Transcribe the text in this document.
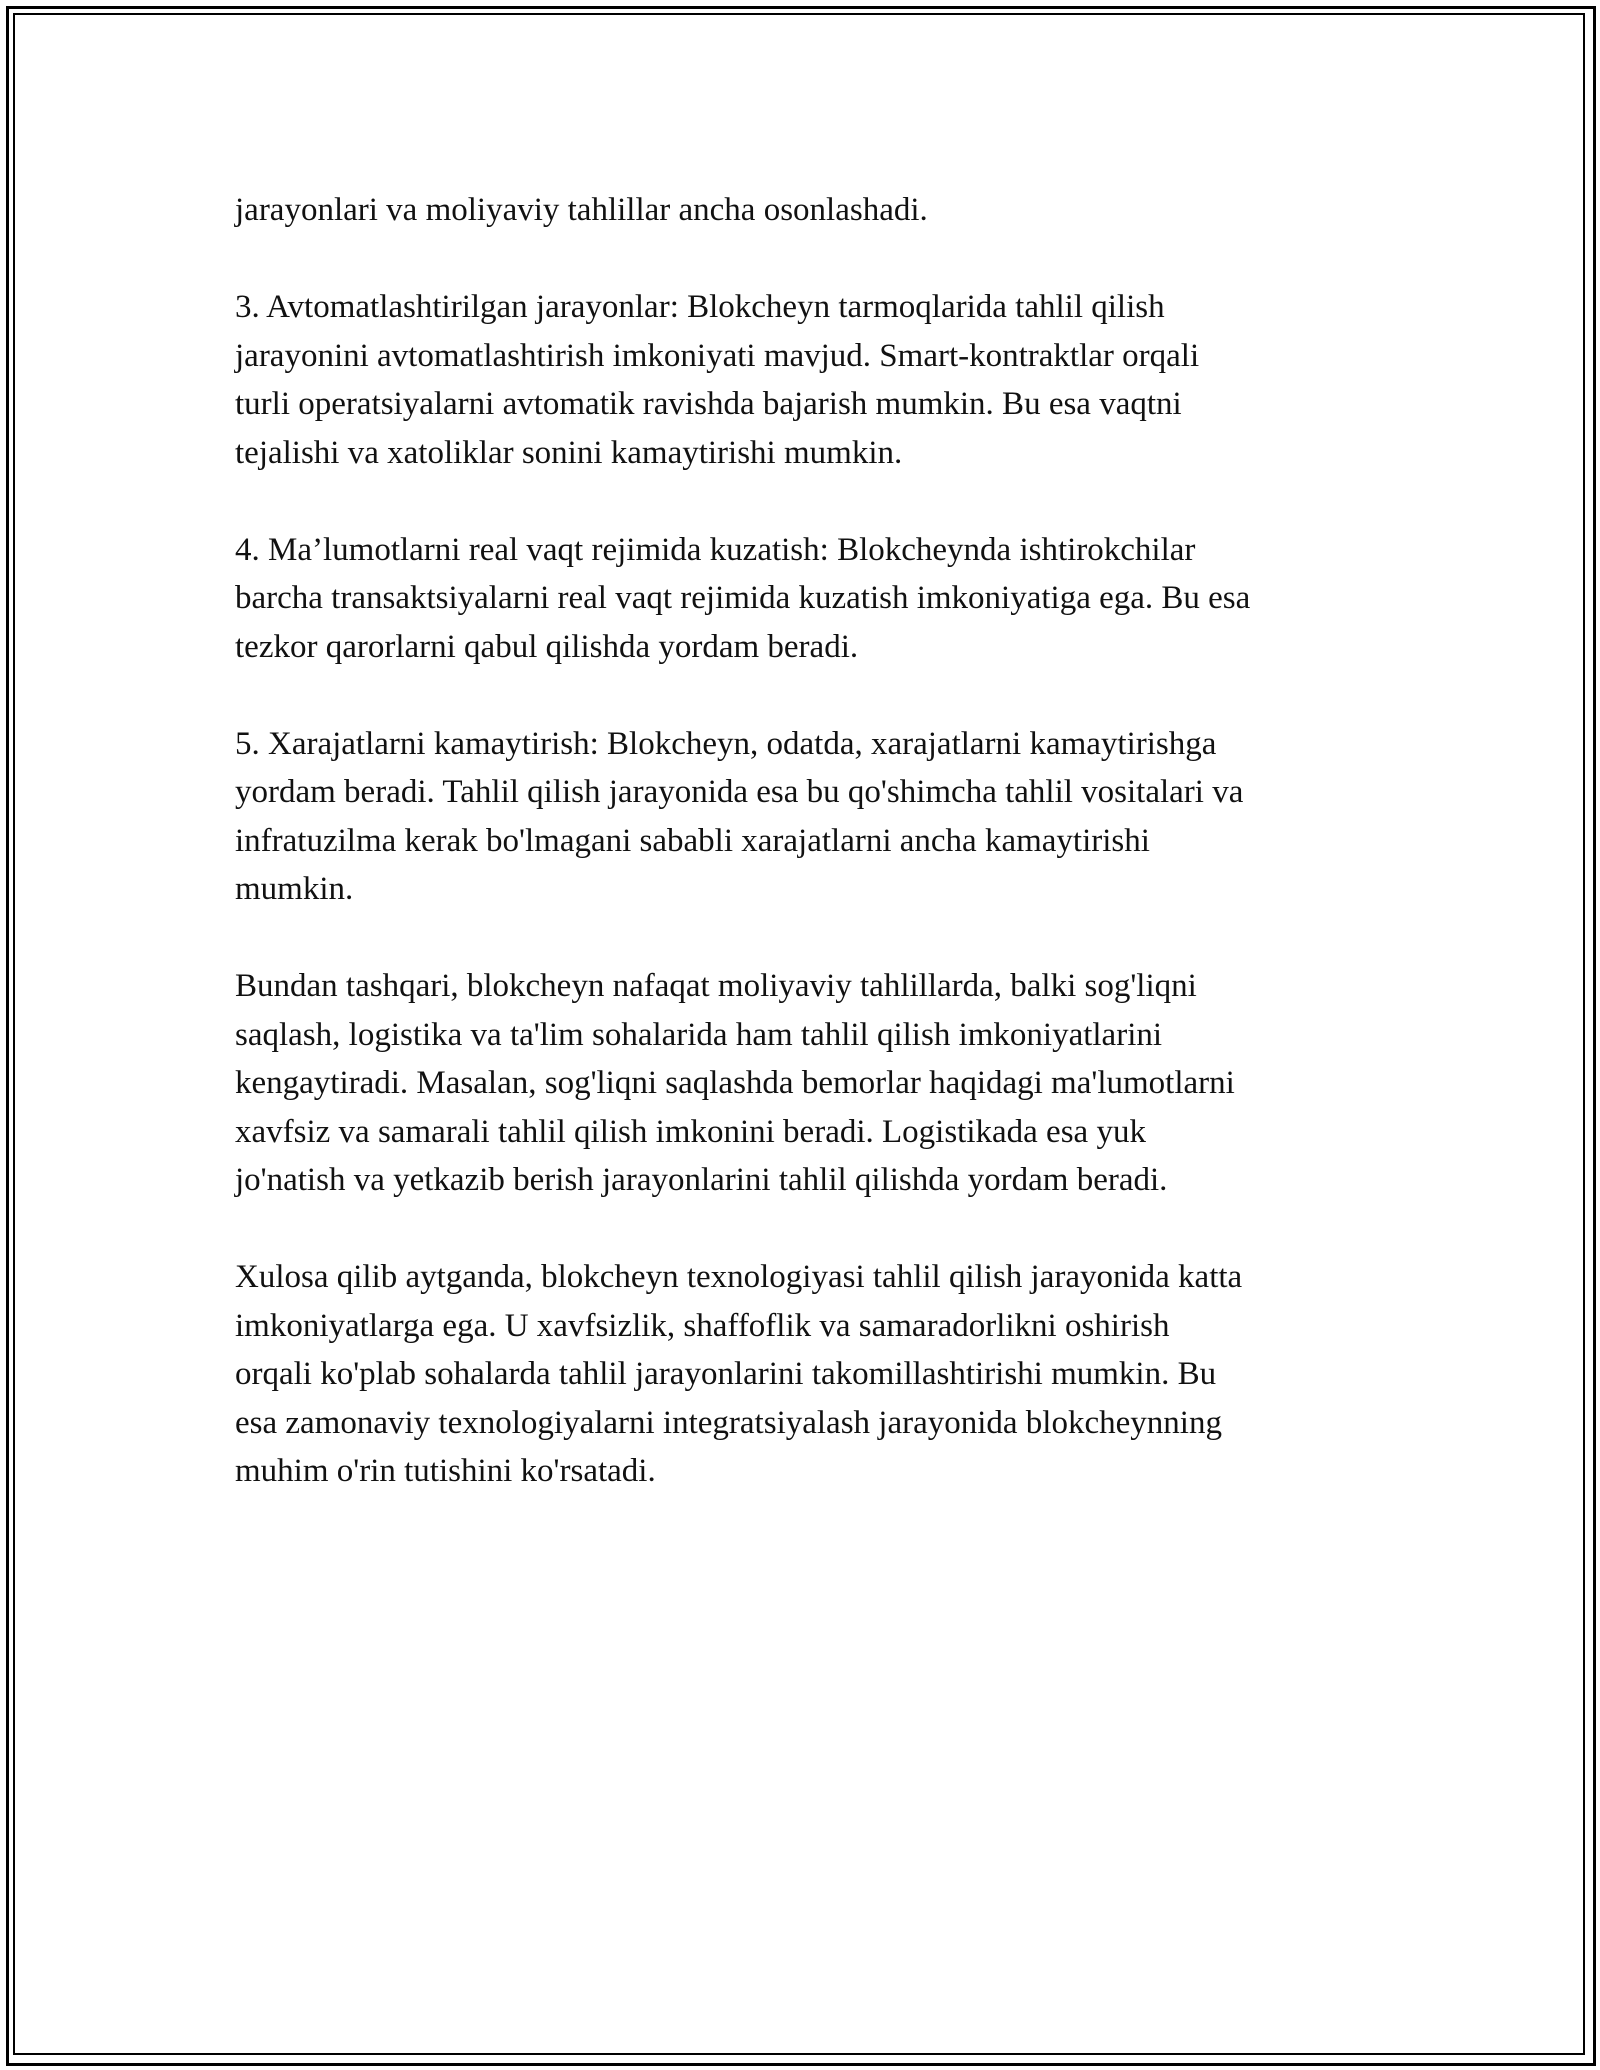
jarayonlari va moliyaviy tahlillar ancha osonlashadi.

3. Avtomatlashtirilgan jarayonlar: Blokcheyn tarmoqlarida tahlil qilish
jarayonini avtomatlashtirish imkoniyati mavjud. Smart-kontraktlar orqali
turli operatsiyalarni avtomatik ravishda bajarish mumkin. Bu esa vaqtni
tejalishi va xatoliklar sonini kamaytirishi mumkin.

4. Ma’lumotlarni real vaqt rejimida kuzatish: Blokcheynda ishtirokchilar
barcha transaktsiyalarni real vaqt rejimida kuzatish imkoniyatiga ega. Bu esa
tezkor qarorlarni qabul qilishda yordam beradi.

5. Xarajatlarni kamaytirish: Blokcheyn, odatda, xarajatlarni kamaytirishga
yordam beradi. Tahlil qilish jarayonida esa bu qo'shimcha tahlil vositalari va
infratuzilma kerak bo'lmagani sababli xarajatlarni ancha kamaytirishi
mumkin.

Bundan tashqari, blokcheyn nafaqat moliyaviy tahlillarda, balki sog'liqni
saqlash, logistika va ta'lim sohalarida ham tahlil qilish imkoniyatlarini
kengaytiradi. Masalan, sog'liqni saqlashda bemorlar haqidagi ma'lumotlarni
xavfsiz va samarali tahlil qilish imkonini beradi. Logistikada esa yuk
jo'natish va yetkazib berish jarayonlarini tahlil qilishda yordam beradi.

Xulosa qilib aytganda, blokcheyn texnologiyasi tahlil qilish jarayonida katta
imkoniyatlarga ega. U xavfsizlik, shaffoflik va samaradorlikni oshirish
orqali ko'plab sohalarda tahlil jarayonlarini takomillashtirishi mumkin. Bu
esa zamonaviy texnologiyalarni integratsiyalash jarayonida blokcheynning
muhim o'rin tutishini ko'rsatadi.
